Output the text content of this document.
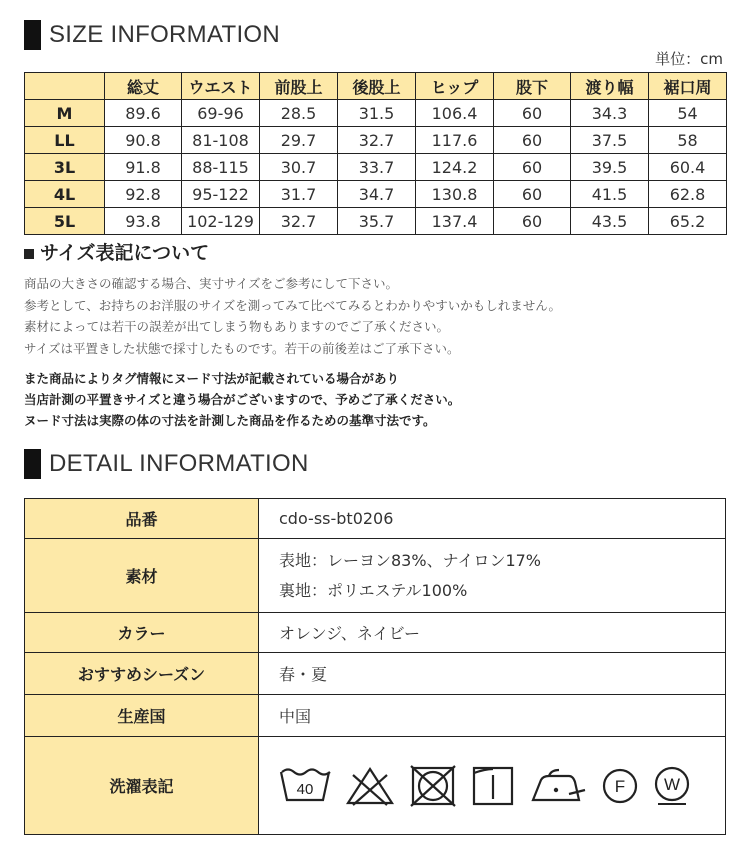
SIZE INFORMATION
単位：cm
	総丈	ウエスト	前股上	後股上	ヒップ	股下	渡り幅	裾口周
M	89.6	69-96	28.5	31.5	106.4	60	34.3	54
LL	90.8	81-108	29.7	32.7	117.6	60	37.5	58
3L	91.8	88-115	30.7	33.7	124.2	60	39.5	60.4
4L	92.8	95-122	31.7	34.7	130.8	60	41.5	62.8
5L	93.8	102-129	32.7	35.7	137.4	60	43.5	65.2
サイズ表記について
商品の大きさの確認する場合、実寸サイズをご参考にして下さい。
参考として、お持ちのお洋服のサイズを測ってみて比べてみるとわかりやすいかもしれません。
素材によっては若干の誤差が出てしまう物もありますのでご了承ください。
サイズは平置きした状態で採寸したものです。若干の前後差はご了承下さい。
また商品によりタグ情報にヌード寸法が記載されている場合があり
当店計測の平置きサイズと違う場合がございますので、予めご了承ください。
ヌード寸法は実際の体の寸法を計測した商品を作るための基準寸法です。
DETAIL INFORMATION
品番	cdo-ss-bt0206
素材	表地：レーヨン83%、ナイロン17%
裏地：ポリエステル100%

カラー	オレンジ、ネイビー
おすすめシーズン	春・夏
生産国	中国
洗濯表記	40 F W
